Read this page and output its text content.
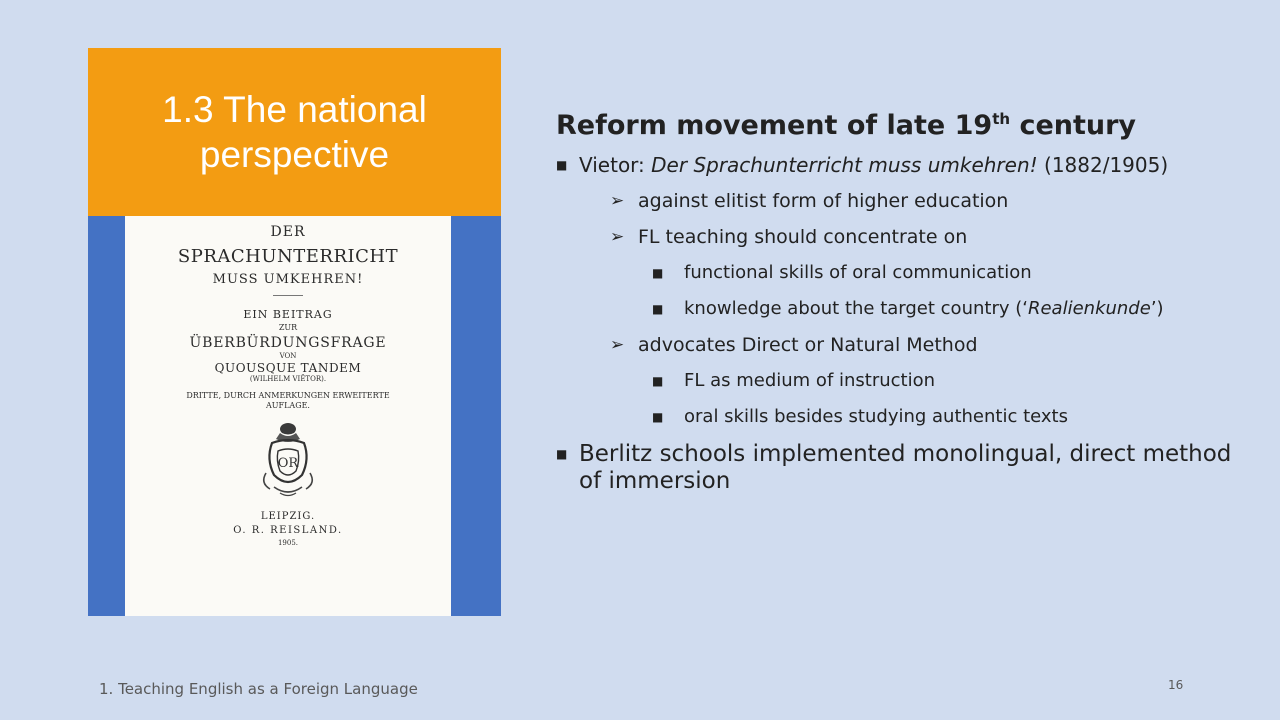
1.3 The national
perspective
DER
SPRACHUNTERRICHT
MUSS UMKEHREN!
EIN BEITRAG
ZUR
ÜBERBÜRDUNGSFRAGE
VON
QUOUSQUE TANDEM
(WILHELM VIËTOR).
DRITTE, DURCH ANMERKUNGEN ERWEITERTE
AUFLAGE.
OR
LEIPZIG.
O. R. REISLAND.
1905.
Reform movement of late 19th century
■ Vietor: Der Sprachunterricht muss umkehren! (1882/1905)
➢ against elitist form of higher education
➢ FL teaching should concentrate on
■	functional skills of oral communication
■	knowledge about the target country (‘Realienkunde’)
➢ advocates Direct or Natural Method
■	FL as medium of instruction
■	oral skills besides studying authentic texts
■ Berlitz schools implemented monolingual, direct method of immersion
1. Teaching English as a Foreign Language	16
